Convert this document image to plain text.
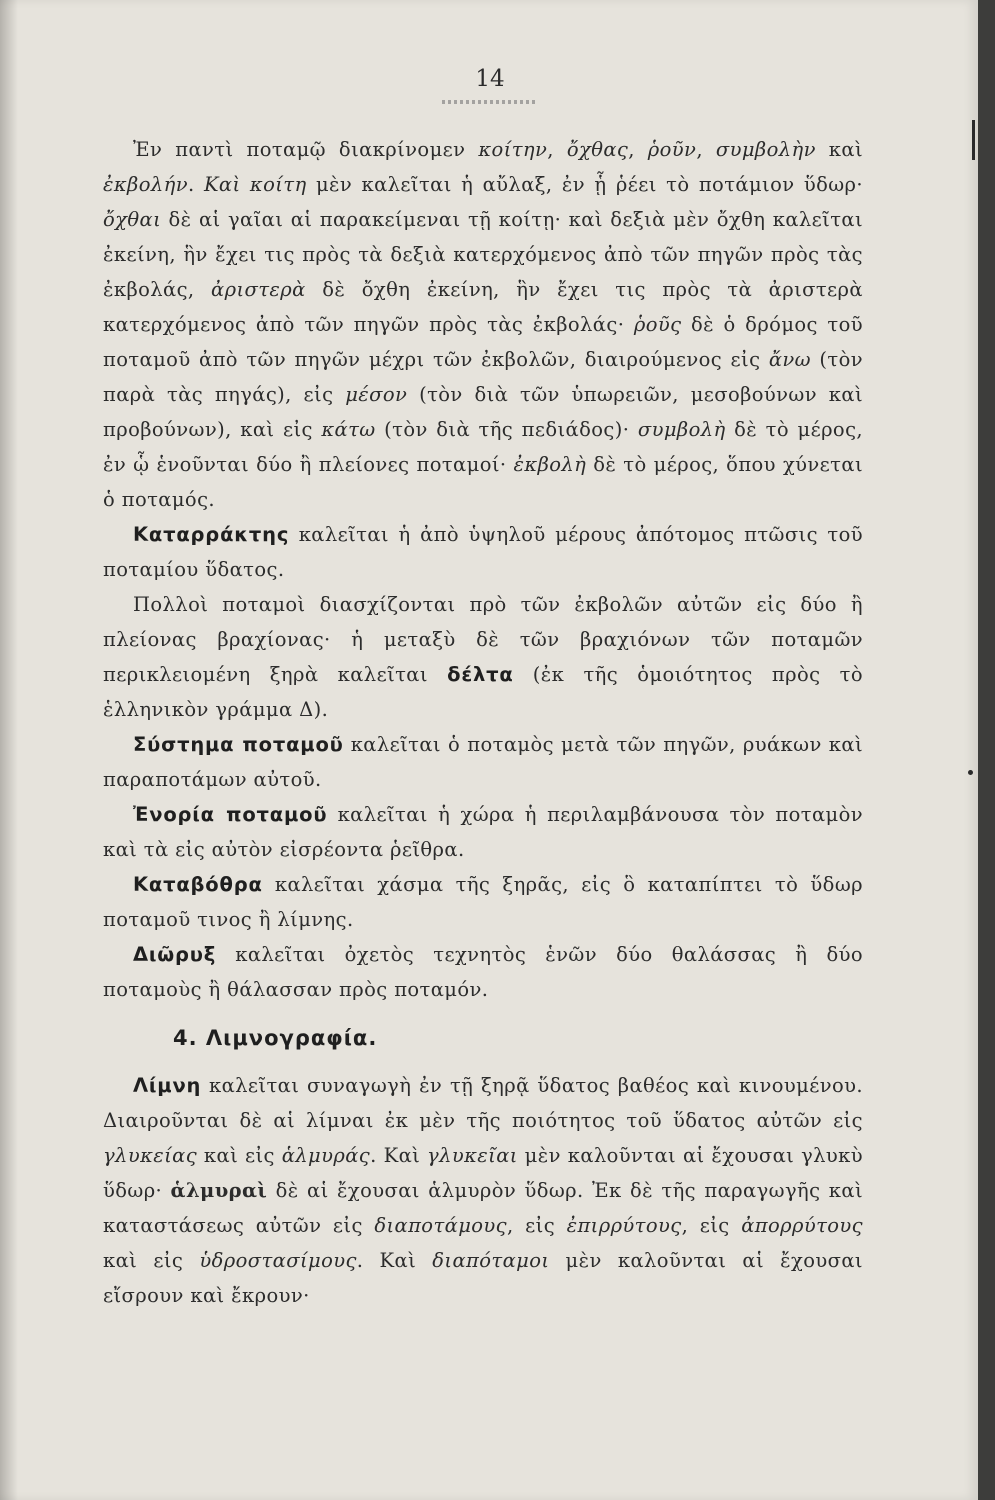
14

Ἐν παντὶ ποταμῷ διακρίνομεν κοίτην, ὄχθας, ῥοῦν, συμβολὴν καὶ ἐκβολήν. Καὶ κοίτη μὲν καλεῖται ἡ αὔλαξ, ἐν ᾗ ῥέει τὸ ποτάμιον ὕδωρ· ὄχθαι δὲ αἱ γαῖαι αἱ παρακείμεναι τῇ κοίτῃ· καὶ δεξιὰ μὲν ὄχθη καλεῖται ἐκείνη, ἣν ἔχει τις πρὸς τὰ δεξιὰ κατερχόμενος ἀπὸ τῶν πηγῶν πρὸς τὰς ἐκβολάς, ἀριστερὰ δὲ ὄχθη ἐκείνη, ἣν ἔχει τις πρὸς τὰ ἀριστερὰ κατερχόμενος ἀπὸ τῶν πηγῶν πρὸς τὰς ἐκβολάς· ῥοῦς δὲ ὁ δρόμος τοῦ ποταμοῦ ἀπὸ τῶν πηγῶν μέχρι τῶν ἐκβολῶν, διαιρούμενος εἰς ἄνω (τὸν παρὰ τὰς πηγάς), εἰς μέσον (τὸν διὰ τῶν ὑπωρειῶν, μεσοβούνων καὶ προβούνων), καὶ εἰς κάτω (τὸν διὰ τῆς πεδιάδος)· συμβολὴ δὲ τὸ μέρος, ἐν ᾧ ἑνοῦνται δύο ἢ πλείονες ποταμοί· ἐκβολὴ δὲ τὸ μέρος, ὅπου χύνεται ὁ ποταμός.

Καταρράκτης καλεῖται ἡ ἀπὸ ὑψηλοῦ μέρους ἀπότομος πτῶσις τοῦ ποταμίου ὕδατος.

Πολλοὶ ποταμοὶ διασχίζονται πρὸ τῶν ἐκβολῶν αὐτῶν εἰς δύο ἢ πλείονας βραχίονας· ἡ μεταξὺ δὲ τῶν βραχιόνων τῶν ποταμῶν περικλειομένη ξηρὰ καλεῖται δέλτα (ἐκ τῆς ὁμοιότητος πρὸς τὸ ἑλληνικὸν γράμμα Δ).

Σύστημα ποταμοῦ καλεῖται ὁ ποταμὸς μετὰ τῶν πηγῶν, ρυάκων καὶ παραποτάμων αὐτοῦ.

Ἐνορία ποταμοῦ καλεῖται ἡ χώρα ἡ περιλαμβάνουσα τὸν ποταμὸν καὶ τὰ εἰς αὐτὸν εἰσρέοντα ῥεῖθρα.

Καταβόθρα καλεῖται χάσμα τῆς ξηρᾶς, εἰς ὃ καταπίπτει τὸ ὕδωρ ποταμοῦ τινος ἢ λίμνης.

Διῶρυξ καλεῖται ὀχετὸς τεχνητὸς ἑνῶν δύο θαλάσσας ἢ δύο ποταμοὺς ἢ θάλασσαν πρὸς ποταμόν.

4. Λιμνογραφία.

Λίμνη καλεῖται συναγωγὴ ἐν τῇ ξηρᾷ ὕδατος βαθέος καὶ κινουμένου. Διαιροῦνται δὲ αἱ λίμναι ἐκ μὲν τῆς ποιότητος τοῦ ὕδατος αὐτῶν εἰς γλυκείας καὶ εἰς ἁλμυράς. Καὶ γλυκεῖαι μὲν καλοῦνται αἱ ἔχουσαι γλυκὺ ὕδωρ· ἁλμυραὶ δὲ αἱ ἔχουσαι ἁλμυρὸν ὕδωρ. Ἐκ δὲ τῆς παραγωγῆς καὶ καταστάσεως αὐτῶν εἰς διαποτάμους, εἰς ἐπιρρύτους, εἰς ἀπορρύτους καὶ εἰς ὑδροστασίμους. Καὶ διαπόταμοι μὲν καλοῦνται αἱ ἔχουσαι εἴσρουν καὶ ἔκρουν·
